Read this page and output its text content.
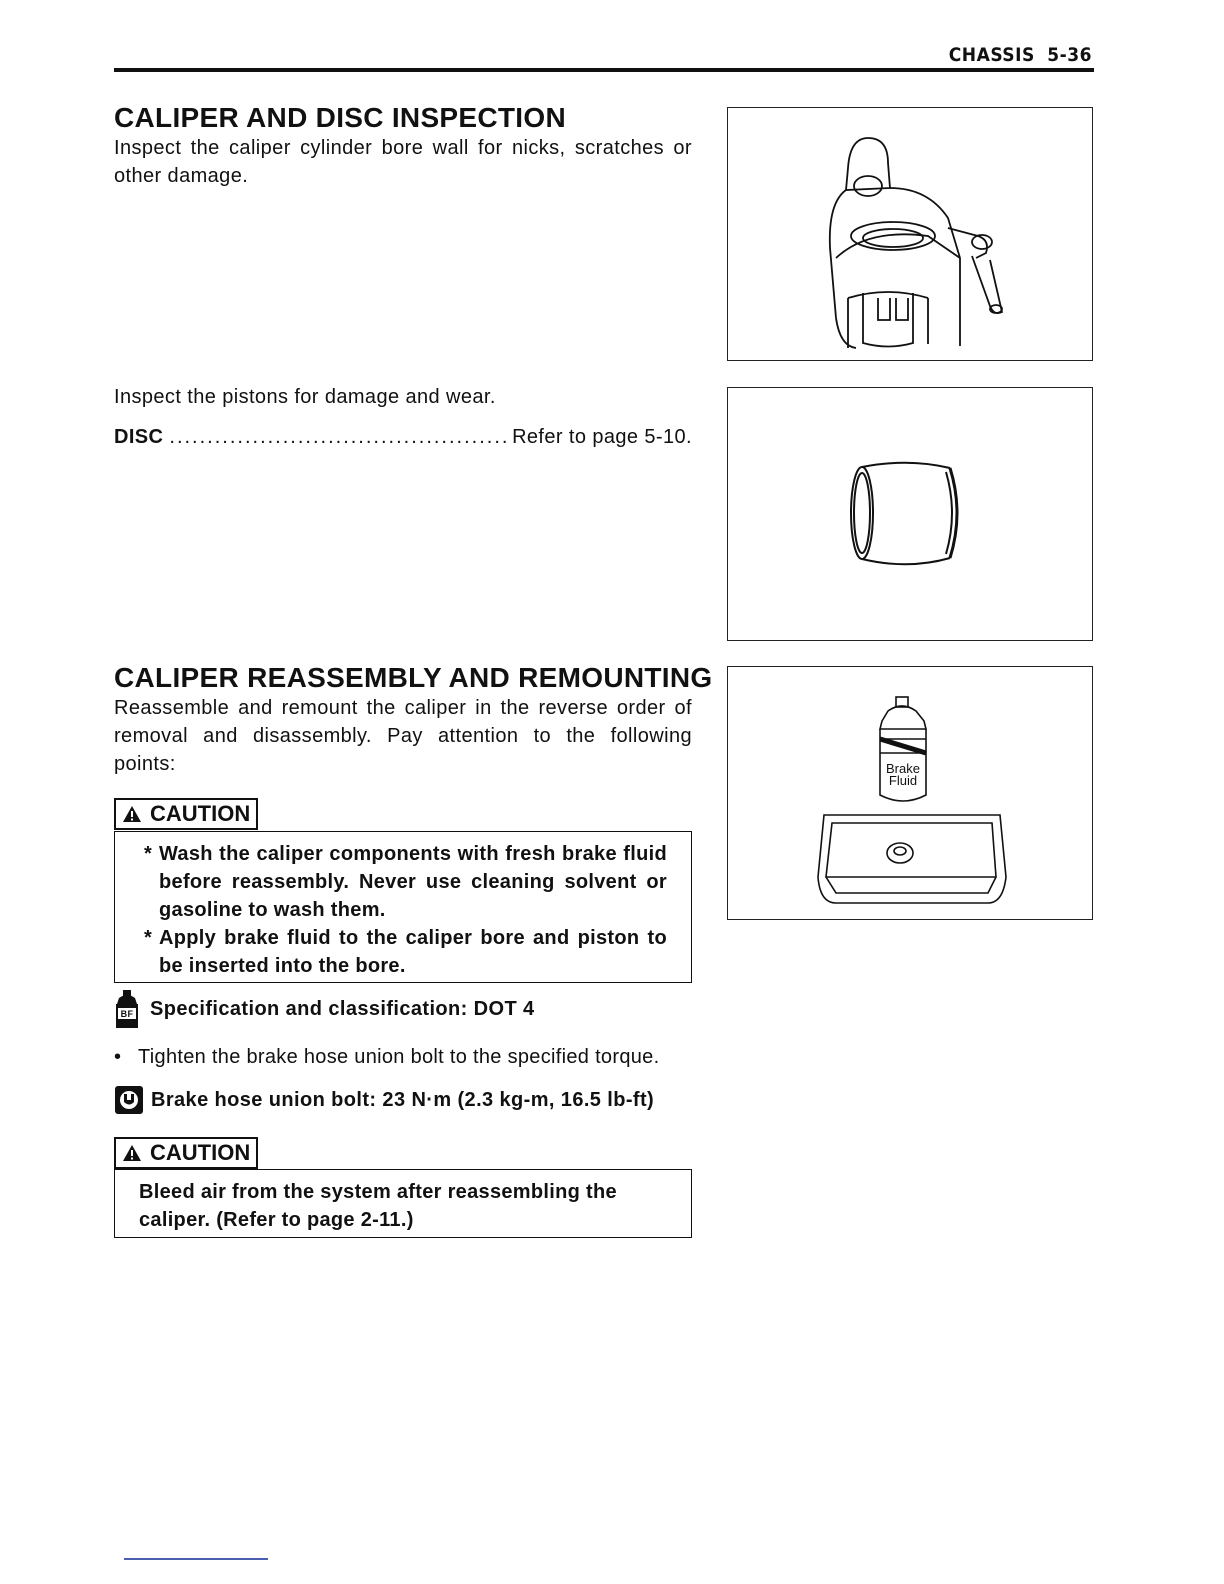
CHASSIS 5-36
CALIPER AND DISC INSPECTION

Inspect the caliper cylinder bore wall for nicks, scratches or other damage.

Inspect the pistons for damage and wear.

DISC
.....	Refer to page 5-10.
CALIPER REASSEMBLY AND REMOUNTING

Reassemble and remount the caliper in the reverse order of removal and disassembly. Pay attention to the following points:

CAUTION
* Wash the caliper components with fresh brake fluid before reassembly. Never use cleaning solvent or gasoline to wash them.
* Apply brake fluid to the caliper bore and piston to be inserted into the bore.
BF Specification and classification: DOT 4
• Tighten the brake hose union bolt to the specified torque.
Brake hose union bolt: 23 N·m (2.3 kg-m, 16.5 lb-ft)
CAUTION
Bleed air from the system after reassembling the caliper. (Refer to page 2-11.)
Brake
Fluid
